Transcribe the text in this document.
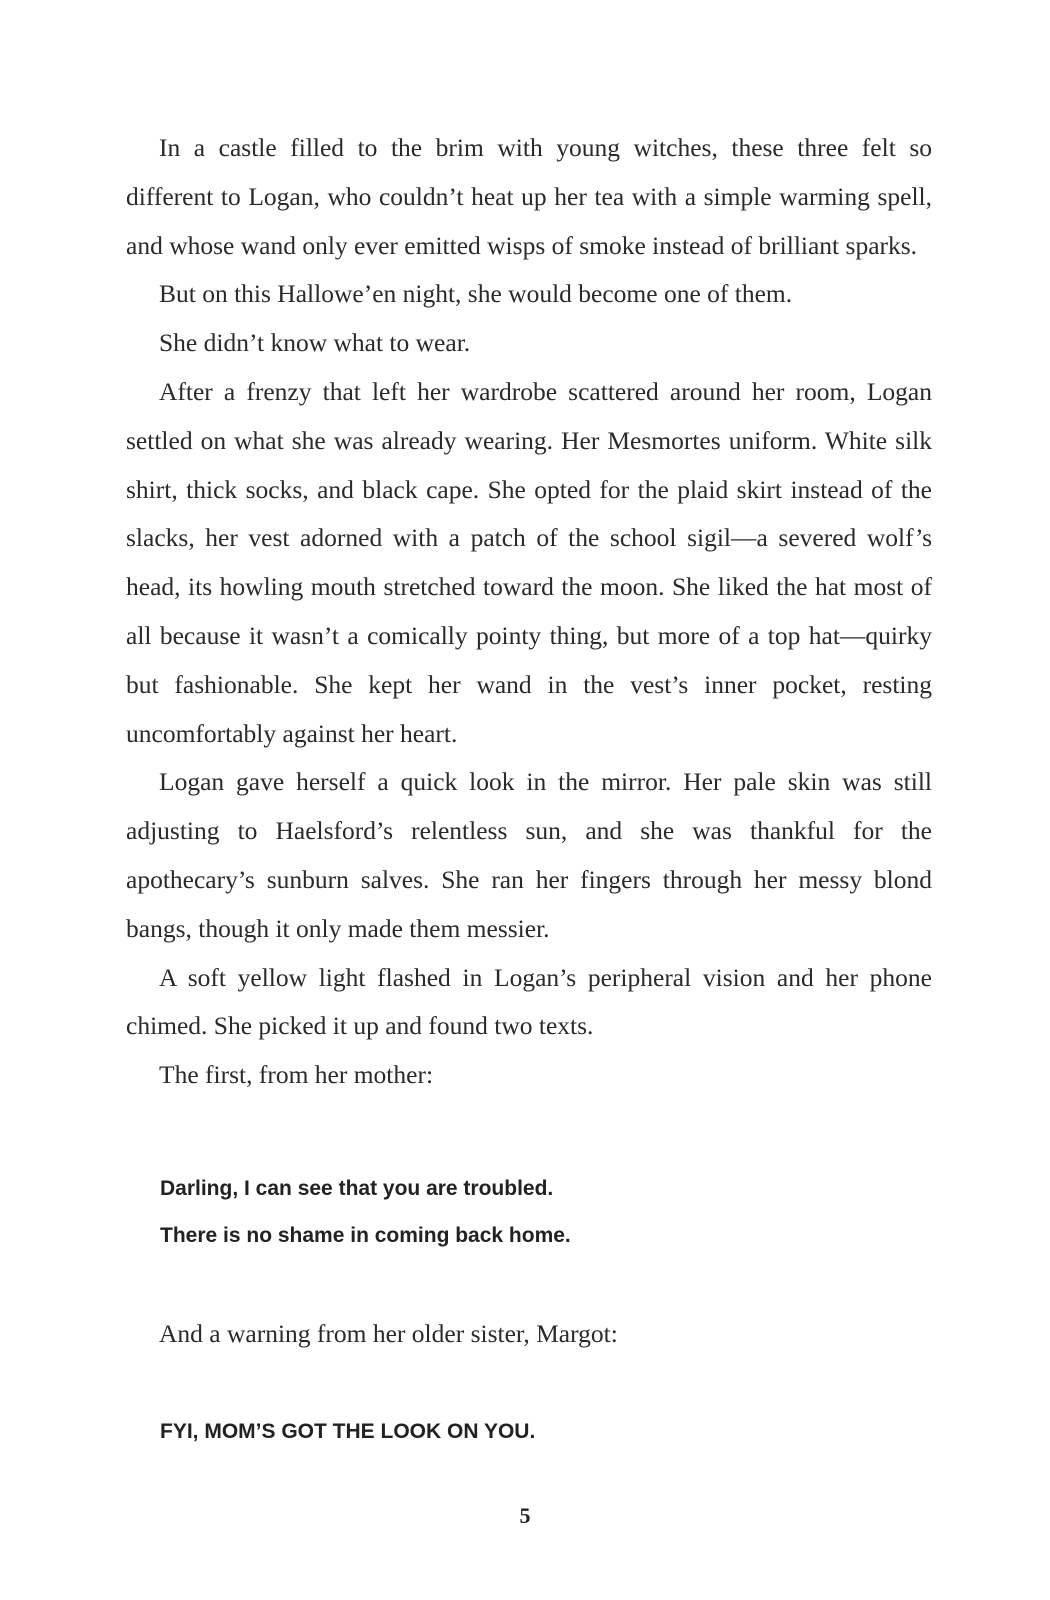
In a castle filled to the brim with young witches, these three felt so different to Logan, who couldn’t heat up her tea with a simple warming spell, and whose wand only ever emitted wisps of smoke instead of brilliant sparks.

But on this Hallowe’en night, she would become one of them.

She didn’t know what to wear.

After a frenzy that left her wardrobe scattered around her room, Logan settled on what she was already wearing. Her Mesmortes uniform. White silk shirt, thick socks, and black cape. She opted for the plaid skirt instead of the slacks, her vest adorned with a patch of the school sigil—a severed wolf’s head, its howling mouth stretched toward the moon. She liked the hat most of all because it wasn’t a comically pointy thing, but more of a top hat—quirky but fashionable. She kept her wand in the vest’s inner pocket, resting uncomfortably against her heart.

Logan gave herself a quick look in the mirror. Her pale skin was still adjusting to Haelsford’s relentless sun, and she was thankful for the apothecary’s sunburn salves. She ran her fingers through her messy blond bangs, though it only made them messier.

A soft yellow light flashed in Logan’s peripheral vision and her phone chimed. She picked it up and found two texts.

The first, from her mother:

Darling, I can see that you are troubled.
There is no shame in coming back home.
And a warning from her older sister, Margot:
FYI, MOM’S GOT THE LOOK ON YOU.
5
